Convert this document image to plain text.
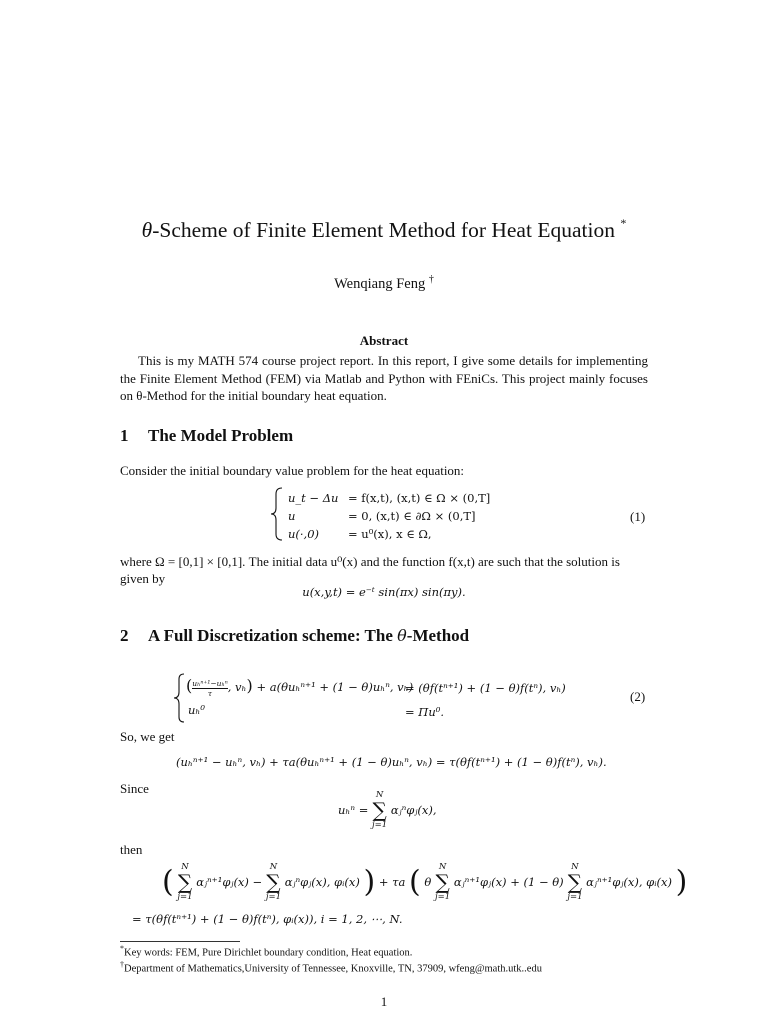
θ-Scheme of Finite Element Method for Heat Equation *
Wenqiang Feng †
Abstract
This is my MATH 574 course project report. In this report, I give some details for implementing the Finite Element Method (FEM) via Matlab and Python with FEniCs. This project mainly focuses on θ-Method for the initial boundary heat equation.
1 The Model Problem
Consider the initial boundary value problem for the heat equation:
u_t − Δu
u
u(·,0)
= f(x,t), (x,t) ∈ Ω × (0,T]
= 0, (x,t) ∈ ∂Ω × (0,T]
= u⁰(x), x ∈ Ω,
(1)
where Ω = [0,1] × [0,1]. The initial data u⁰(x) and the function f(x,t) are such that the solution is given by
u(x,y,t) = e⁻ᵗ sin(πx) sin(πy).
2 A Full Discretization scheme: The θ-Method
( uₕⁿ⁺¹−uₕⁿ
τ	, vₕ) + a(θuₕⁿ⁺¹ + (1 − θ)uₕⁿ, vₕ)
= (θf(tⁿ⁺¹) + (1 − θ)f(tⁿ), vₕ)
uₕ⁰	= Πu⁰.
(2)
So, we get
(uₕⁿ⁺¹ − uₕⁿ, vₕ) + τa(θuₕⁿ⁺¹ + (1 − θ)uₕⁿ, vₕ) = τ(θf(tⁿ⁺¹) + (1 − θ)f(tⁿ), vₕ).
Since
uₕⁿ =
N
∑
j=1
αⱼⁿφⱼ(x),
then
( N
∑
j=1
αⱼⁿ⁺¹φⱼ(x) −
N
∑
j=1
αⱼⁿφⱼ(x), φᵢ(x) ) + τa ( θ
N
∑
j=1
αⱼⁿ⁺¹φⱼ(x) + (1 − θ)
N
∑
j=1
αⱼⁿ⁺¹φⱼ(x), φᵢ(x) )
= τ(θf(tⁿ⁺¹) + (1 − θ)f(tⁿ), φᵢ(x)), i = 1, 2, ⋯, N.
*Key words: FEM, Pure Dirichlet boundary condition, Heat equation.
†Department of Mathematics,University of Tennessee, Knoxville, TN, 37909, wfeng@math.utk..edu
1
